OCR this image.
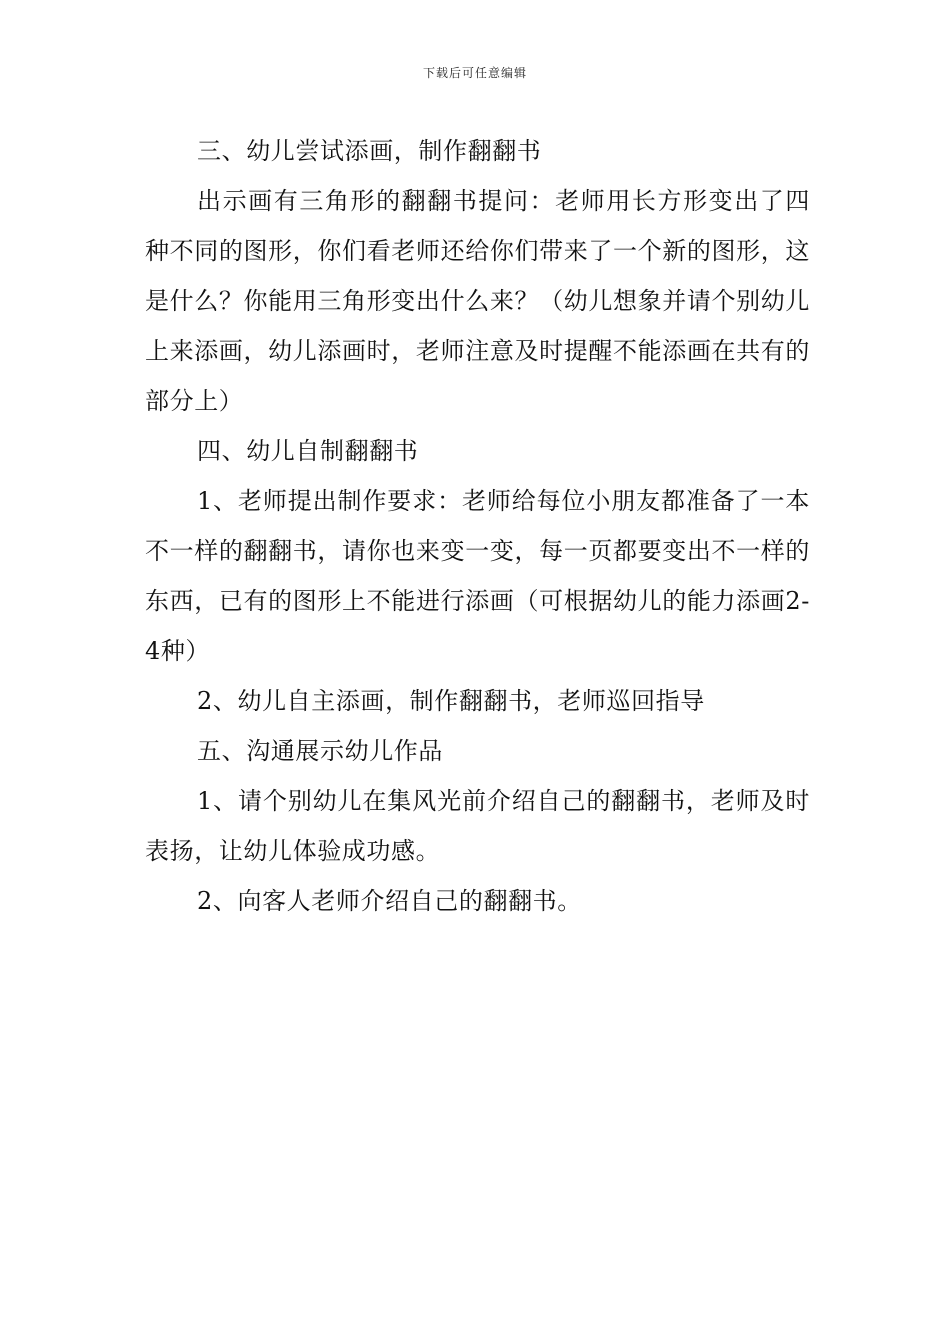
下载后可任意编辑

三、幼儿尝试添画，制作翻翻书

出示画有三角形的翻翻书提问：老师用长方形变出了四种不同的图形，你们看老师还给你们带来了一个新的图形，这是什么？你能用三角形变出什么来？（幼儿想象并请个别幼儿上来添画，幼儿添画时，老师注意及时提醒不能添画在共有的部分上）

四、幼儿自制翻翻书

1、老师提出制作要求：老师给每位小朋友都准备了一本不一样的翻翻书，请你也来变一变，每一页都要变出不一样的东西，已有的图形上不能进行添画（可根据幼儿的能力添画2-4种）

2、幼儿自主添画，制作翻翻书，老师巡回指导

五、沟通展示幼儿作品

1、请个别幼儿在集风光前介绍自己的翻翻书，老师及时表扬，让幼儿体验成功感。

2、向客人老师介绍自己的翻翻书。
